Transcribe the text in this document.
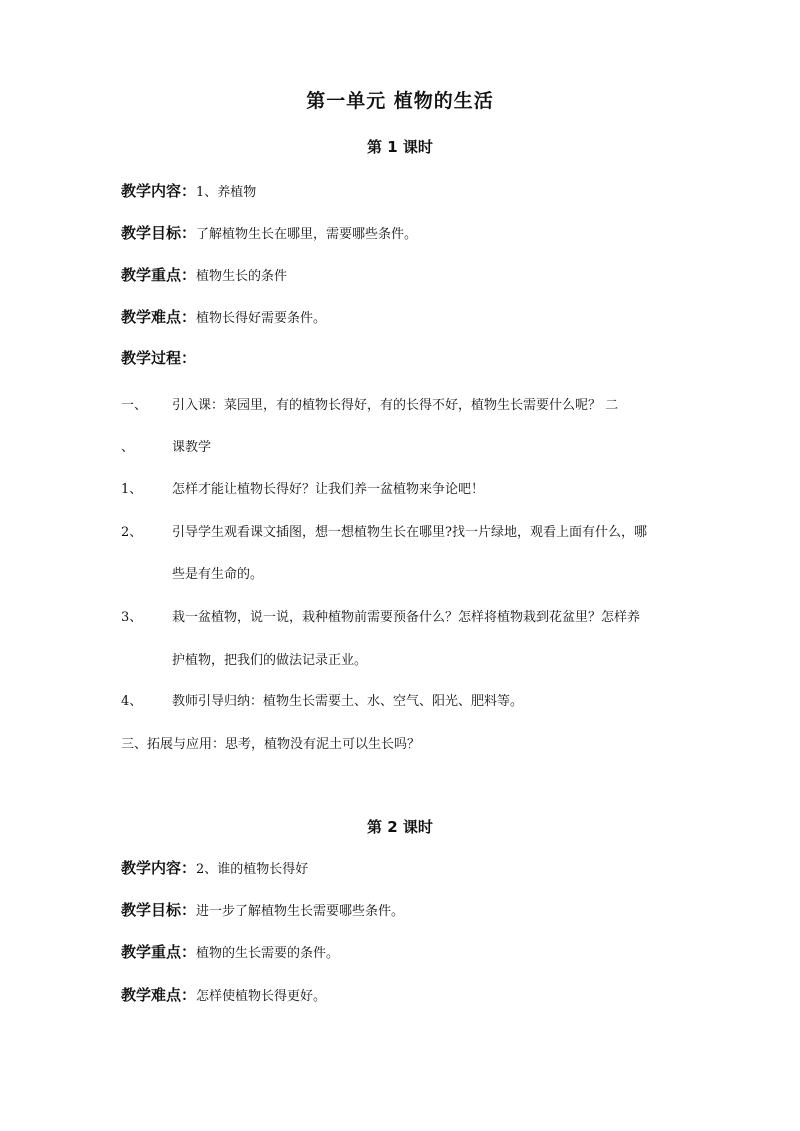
第一单元 植物的生活
第 1 课时
教学内容：1、养植物
教学目标：了解植物生长在哪里，需要哪些条件。
教学重点：植物生长的条件
教学难点：植物长得好需要条件。
教学过程：
一、 引入课：菜园里，有的植物长得好，有的长得不好，植物生长需要什么呢？ 二
、	课教学
1、 怎样才能让植物长得好？让我们养一盆植物来争论吧！
2、 引导学生观看课文插图，想一想植物生长在哪里?找一片绿地，观看上面有什么，哪
些是有生命的。
3、 栽一盆植物，说一说，栽种植物前需要预备什么？怎样将植物栽到花盆里？怎样养
护植物，把我们的做法记录正业。
4、 教师引导归纳：植物生长需要土、水、空气、阳光、肥料等。
三、拓展与应用：思考，植物没有泥土可以生长吗？
第 2 课时
教学内容：2、谁的植物长得好
教学目标：进一步了解植物生长需要哪些条件。
教学重点：植物的生长需要的条件。
教学难点：怎样使植物长得更好。
